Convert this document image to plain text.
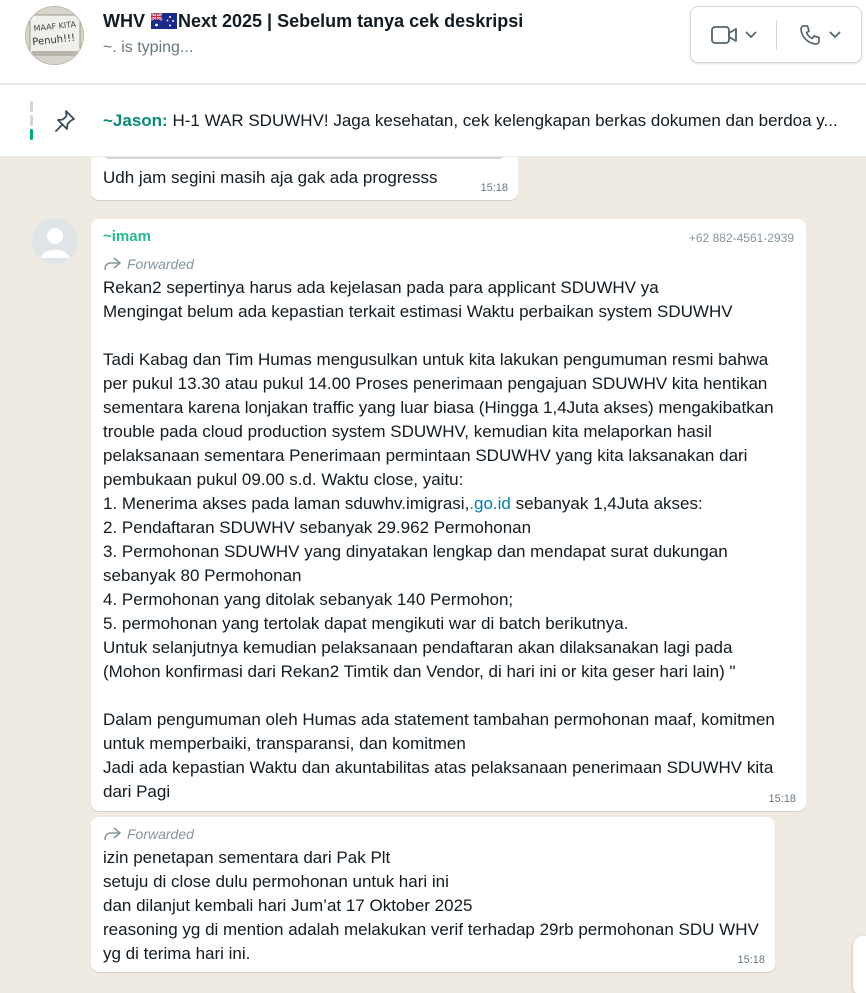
MAAF KITA
Penuh!!!
WHV Next 2025 | Sebelum tanya cek deskripsi
~. is typing...
~Jason: H-1 WAR SDUWHV! Jaga kesehatan, cek kelengkapan berkas dokumen dan berdoa y...
Udh jam segini masih aja gak ada progresss
15:18
~imam	+62 882-4561-2939
Forwarded
Rekan2 sepertinya harus ada kejelasan pada para applicant SDUWHV ya
Mengingat belum ada kepastian terkait estimasi Waktu perbaikan system SDUWHV

Tadi Kabag dan Tim Humas mengusulkan untuk kita lakukan pengumuman resmi bahwa per pukul 13.30 atau pukul 14.00 Proses penerimaan pengajuan SDUWHV kita hentikan sementara karena lonjakan traffic yang luar biasa (Hingga 1,4Juta akses) mengakibatkan trouble pada cloud production system SDUWHV, kemudian kita melaporkan hasil pelaksanaan sementara Penerimaan permintaan SDUWHV yang kita laksanakan dari pembukaan pukul 09.00 s.d. Waktu close, yaitu:
1. Menerima akses pada laman sduwhv.imigrasi,.go.id sebanyak 1,4Juta akses:
2. Pendaftaran SDUWHV sebanyak 29.962 Permohonan
3. Permohonan SDUWHV yang dinyatakan lengkap dan mendapat surat dukungan sebanyak 80 Permohonan
4. Permohonan yang ditolak sebanyak 140 Permohon;
5. permohonan yang tertolak dapat mengikuti war di batch berikutnya.
Untuk selanjutnya kemudian pelaksanaan pendaftaran akan dilaksanakan lagi pada (Mohon konfirmasi dari Rekan2 Timtik dan Vendor, di hari ini or kita geser hari lain) "

Dalam pengumuman oleh Humas ada statement tambahan permohonan maaf, komitmen untuk memperbaiki, transparansi, dan komitmen
Jadi ada kepastian Waktu dan akuntabilitas atas pelaksanaan penerimaan SDUWHV kita dari Pagi	15:18
Forwarded
izin penetapan sementara dari Pak Plt
setuju di close dulu permohonan untuk hari ini
dan dilanjut kembali hari Jum’at 17 Oktober 2025
reasoning yg di mention adalah melakukan verif terhadap 29rb permohonan SDU WHV yg di terima hari ini.	15:18
